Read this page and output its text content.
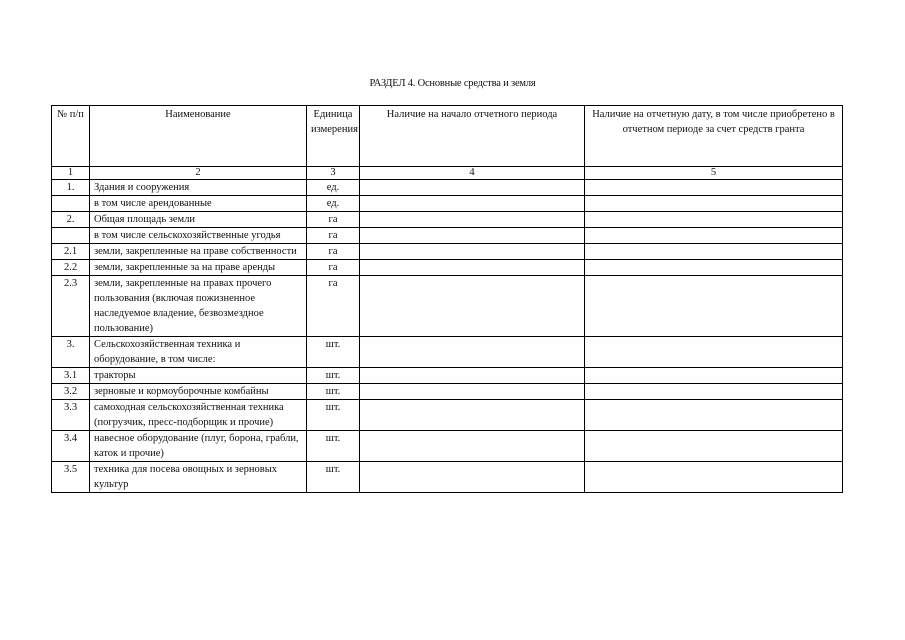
РАЗДЕЛ 4. Основные средства и земля
№ п/п	Наименование	Единица измерения	Наличие на начало отчетного периода	Наличие на отчетную дату, в том числе приобретено в отчетном периоде за счет средств гранта
1	2	3	4	5
1.	Здания и сооружения	ед.		
	в том числе арендованные	ед.		
2.	Общая площадь земли	га		
	в том числе сельскохозяйственные угодья	га		
2.1	земли, закрепленные на праве собственности	га		
2.2	земли, закрепленные за на праве аренды	га		
2.3	земли, закрепленные на правах прочего пользования (включая пожизненное наследуемое владение, безвозмездное пользование)	га		
3.	Сельскохозяйственная техника и оборудование, в том числе:	шт.		
3.1	тракторы	шт.		
3.2	зерновые и кормоуборочные комбайны	шт.		
3.3	самоходная сельскохозяйственная техника (погрузчик, пресс-подборщик и прочие)	шт.		
3.4	навесное оборудование (плуг, борона, грабли, каток и прочие)	шт.		
3.5	техника для посева овощных и зерновых культур	шт.		
